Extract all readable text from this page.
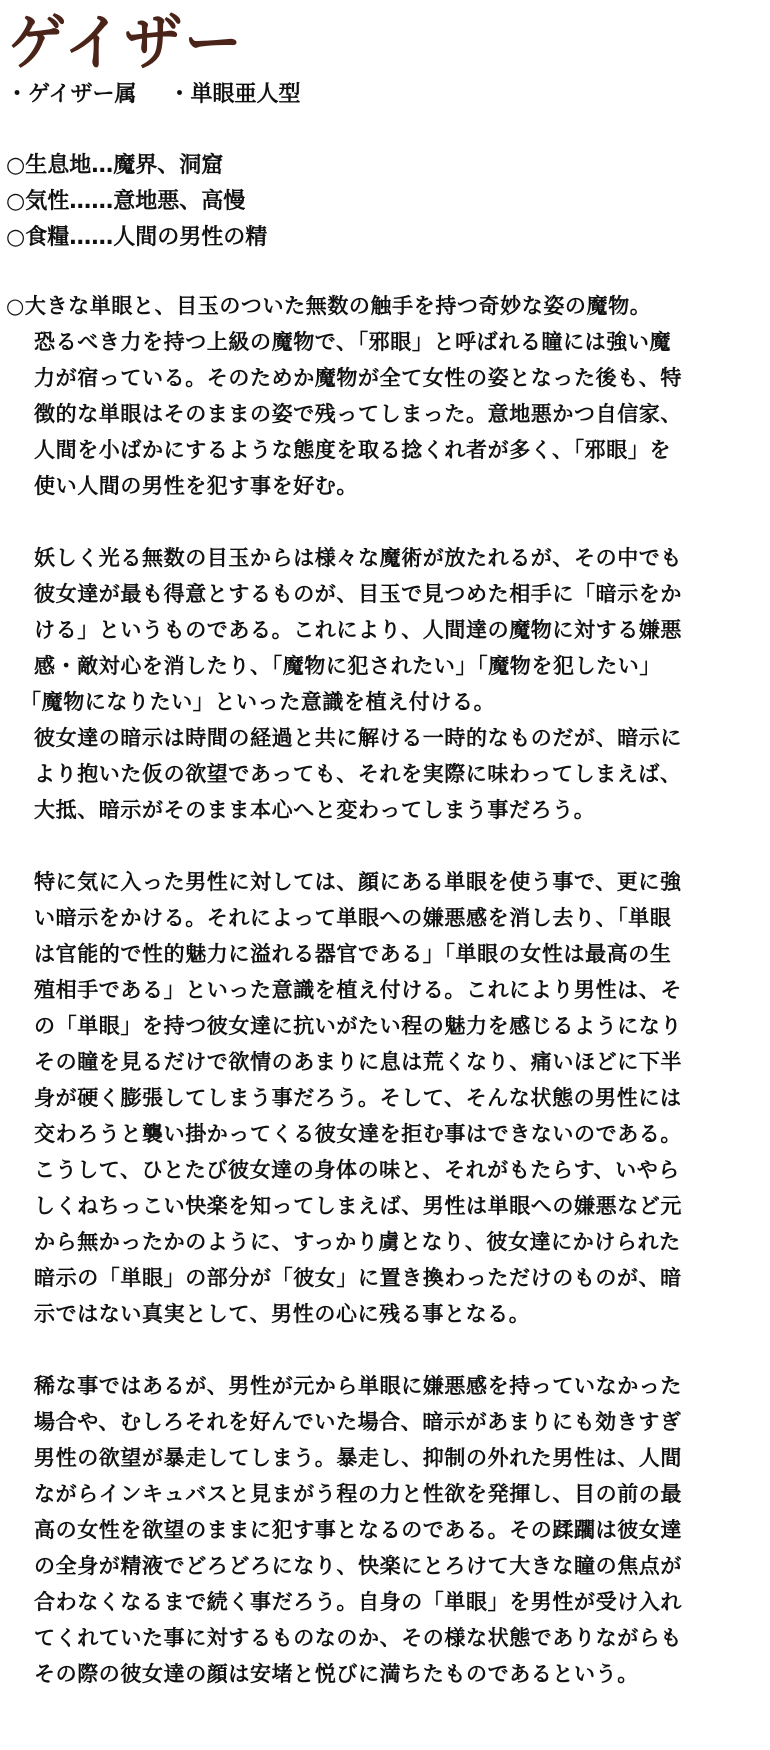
ゲイザー
・ゲイザー属 ・単眼亜人型
○生息地…魔界、洞窟
○気性……意地悪、高慢
○食糧……人間の男性の精
○大きな単眼と、目玉のついた無数の触手を持つ奇妙な姿の魔物。
恐るべき力を持つ上級の魔物で、「邪眼」と呼ばれる瞳には強い魔
力が宿っている。そのためか魔物が全て女性の姿となった後も、特
徴的な単眼はそのままの姿で残ってしまった。意地悪かつ自信家、
人間を小ばかにするような態度を取る捻くれ者が多く、「邪眼」を
使い人間の男性を犯す事を好む。
妖しく光る無数の目玉からは様々な魔術が放たれるが、その中でも
彼女達が最も得意とするものが、目玉で見つめた相手に「暗示をか
ける」というものである。これにより、人間達の魔物に対する嫌悪
感・敵対心を消したり、「魔物に犯されたい」「魔物を犯したい」
「魔物になりたい」といった意識を植え付ける。
彼女達の暗示は時間の経過と共に解ける一時的なものだが、暗示に
より抱いた仮の欲望であっても、それを実際に味わってしまえば、
大抵、暗示がそのまま本心へと変わってしまう事だろう。
特に気に入った男性に対しては、顔にある単眼を使う事で、更に強
い暗示をかける。それによって単眼への嫌悪感を消し去り、「単眼
は官能的で性的魅力に溢れる器官である」「単眼の女性は最高の生
殖相手である」といった意識を植え付ける。これにより男性は、そ
の「単眼」を持つ彼女達に抗いがたい程の魅力を感じるようになり
その瞳を見るだけで欲情のあまりに息は荒くなり、痛いほどに下半
身が硬く膨張してしまう事だろう。そして、そんな状態の男性には
交わろうと襲い掛かってくる彼女達を拒む事はできないのである。
こうして、ひとたび彼女達の身体の味と、それがもたらす、いやら
しくねちっこい快楽を知ってしまえば、男性は単眼への嫌悪など元
から無かったかのように、すっかり虜となり、彼女達にかけられた
暗示の「単眼」の部分が「彼女」に置き換わっただけのものが、暗
示ではない真実として、男性の心に残る事となる。
稀な事ではあるが、男性が元から単眼に嫌悪感を持っていなかった
場合や、むしろそれを好んでいた場合、暗示があまりにも効きすぎ
男性の欲望が暴走してしまう。暴走し、抑制の外れた男性は、人間
ながらインキュバスと見まがう程の力と性欲を発揮し、目の前の最
高の女性を欲望のままに犯す事となるのである。その蹂躙は彼女達
の全身が精液でどろどろになり、快楽にとろけて大きな瞳の焦点が
合わなくなるまで続く事だろう。自身の「単眼」を男性が受け入れ
てくれていた事に対するものなのか、その様な状態でありながらも
その際の彼女達の顔は安堵と悦びに満ちたものであるという。
